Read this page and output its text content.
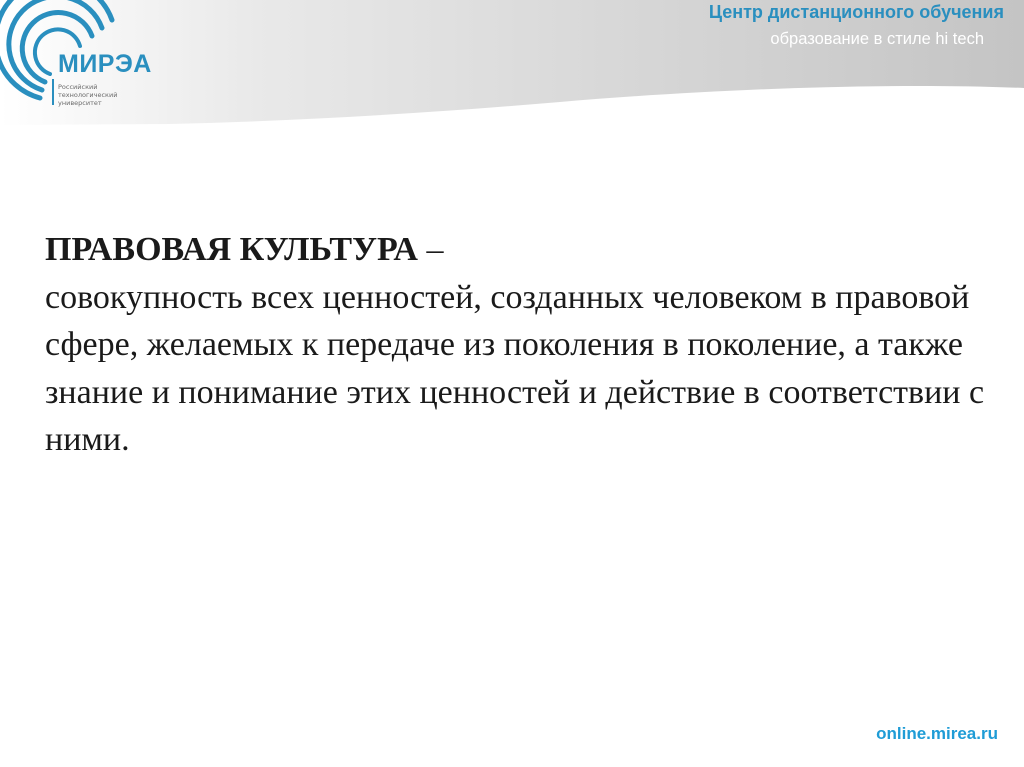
МИРЭА
Российский технологический университет
Центр дистанционного обучения
образование в стиле hi tech
ПРАВОВАЯ КУЛЬТУРА –
совокупность всех ценностей, созданных человеком в правовой сфере, желаемых к передаче из поколения в поколение, а также знание и понимание этих ценностей и действие в соответствии с ними.
online.mirea.ru
